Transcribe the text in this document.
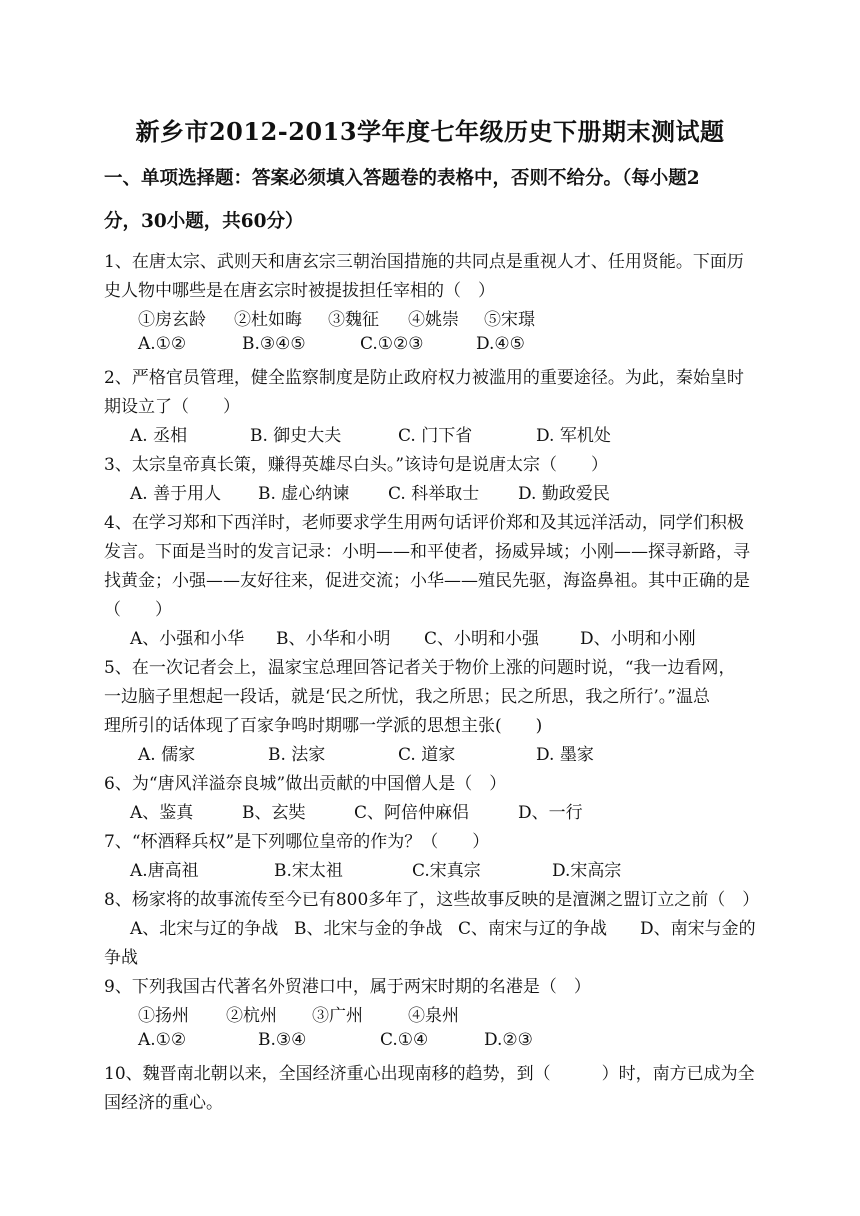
新乡市2012-2013学年度七年级历史下册期末测试题
一、单项选择题：答案必须填入答题卷的表格中，否则不给分。（每小题2
分，30小题，共60分）
1、在唐太宗、武则天和唐玄宗三朝治国措施的共同点是重视人才、任用贤能。下面历
史人物中哪些是在唐玄宗时被提拔担任宰相的（　）
①房玄龄 ②杜如晦 ③魏征 ④姚崇 ⑤宋璟
A.①②	B.③④⑤	C.①②③	D.④⑤
2、严格官员管理，健全监察制度是防止政府权力被滥用的重要途径。为此，秦始皇时
期设立了（　　）
A. 丞相	B. 御史大夫	C. 门下省	D. 军机处
3、太宗皇帝真长策，赚得英雄尽白头。”该诗句是说唐太宗（　　）
A. 善于用人 B. 虚心纳谏 C. 科举取士 D. 勤政爱民
4、在学习郑和下西洋时，老师要求学生用两句话评价郑和及其远洋活动，同学们积极
发言。下面是当时的发言记录：小明——和平使者，扬威异域；小刚——探寻新路，寻
找黄金；小强——友好往来，促进交流；小华——殖民先驱，海盗鼻祖。其中正确的是
（　　）
A、小强和小华 B、小华和小明 C、小明和小强 D、小明和小刚
5、在一次记者会上，温家宝总理回答记者关于物价上涨的问题时说，“我一边看网，
一边脑子里想起一段话，就是‘民之所忧，我之所思；民之所思，我之所行’。”温总
理所引的话体现了百家争鸣时期哪一学派的思想主张(　　)
A. 儒家	B. 法家	C. 道家	D. 墨家
6、为“唐风洋溢奈良城”做出贡献的中国僧人是（　）
A、鉴真	B、玄奘	C、阿倍仲麻侣	D、一行
7、“杯酒释兵权”是下列哪位皇帝的作为？（　　）
A.唐高祖	B.宋太祖	C.宋真宗	D.宋高宗
8、杨家将的故事流传至今已有800多年了，这些故事反映的是澶渊之盟订立之前（　）
A、北宋与辽的争战 B、北宋与金的争战 C、南宋与辽的争战 D、南宋与金的
争战
9、下列我国古代著名外贸港口中，属于两宋时期的名港是（　）
①扬州 ②杭州 ③广州	④泉州
A.①②	B.③④	C.①④	D.②③
10、魏晋南北朝以来，全国经济重心出现南移的趋势，到（　　　）时，南方已成为全
国经济的重心。
